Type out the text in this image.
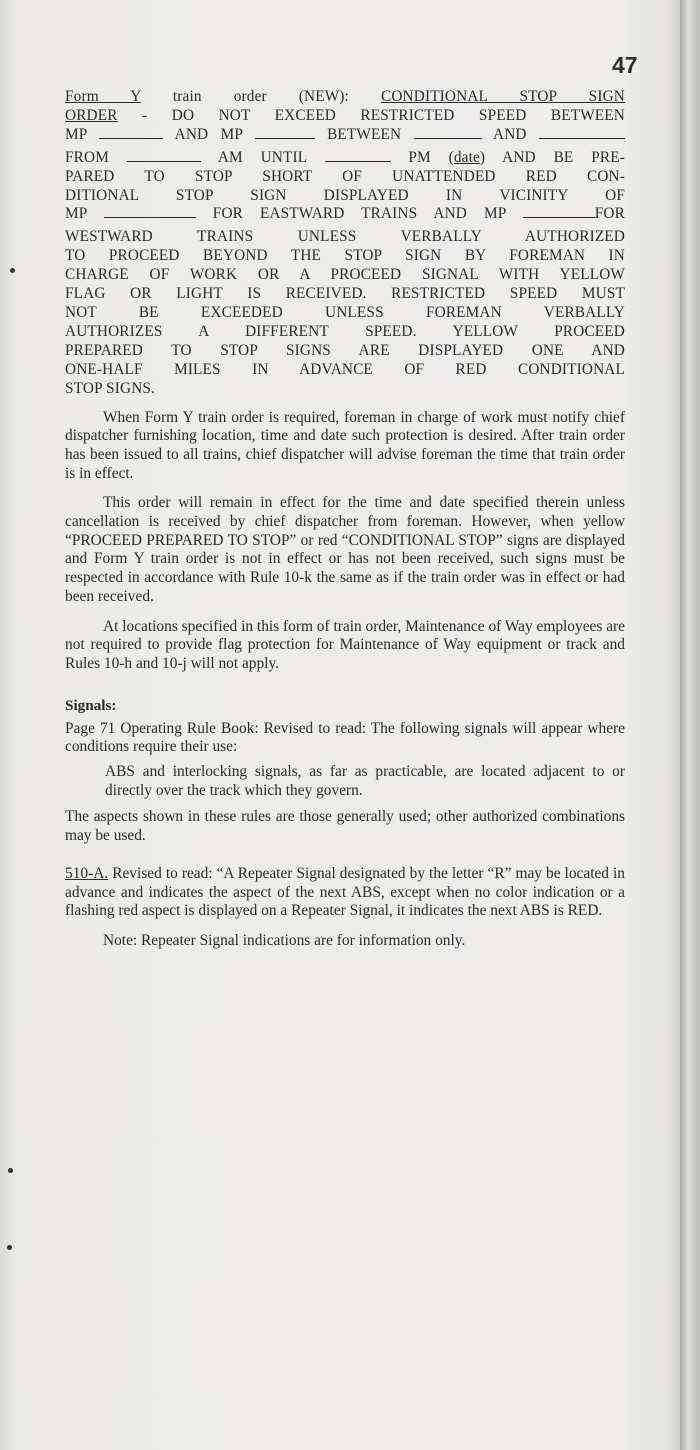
47
Form Y train order (NEW): CONDITIONAL STOP SIGN
ORDER - DO NOT EXCEED RESTRICTED SPEED BETWEEN
MP	AND MP	BETWEEN	AND
FROM	AM UNTIL	PM (date) AND BE PRE-
PARED TO STOP SHORT OF UNATTENDED RED CON-
DITIONAL STOP SIGN DISPLAYED IN VICINITY OF
MP	FOR EASTWARD TRAINS AND MP	FOR
WESTWARD TRAINS UNLESS VERBALLY AUTHORIZED
TO PROCEED BEYOND THE STOP SIGN BY FOREMAN IN
CHARGE OF WORK OR A PROCEED SIGNAL WITH YELLOW
FLAG OR LIGHT IS RECEIVED. RESTRICTED SPEED MUST
NOT BE EXCEEDED UNLESS FOREMAN VERBALLY
AUTHORIZES A DIFFERENT SPEED. YELLOW PROCEED
PREPARED TO STOP SIGNS ARE DISPLAYED ONE AND
ONE-HALF MILES IN ADVANCE OF RED CONDITIONAL
STOP SIGNS.

When Form Y train order is required, foreman in charge of work must notify chief dispatcher furnishing location, time and date such protection is desired. After train order has been issued to all trains, chief dispatcher will advise foreman the time that train order is in effect.

This order will remain in effect for the time and date specified therein unless cancellation is received by chief dispatcher from foreman. However, when yellow “PROCEED PREPARED TO STOP” or red “CONDITIONAL STOP” signs are displayed and Form Y train order is not in effect or has not been received, such signs must be respected in accordance with Rule 10-k the same as if the train order was in effect or had been received.

At locations specified in this form of train order, Maintenance of Way employees are not required to provide flag protection for Maintenance of Way equipment or track and Rules 10-h and 10-j will not apply.

Signals:

Page 71 Operating Rule Book: Revised to read: The following signals will appear where conditions require their use:

ABS and interlocking signals, as far as practicable, are located adjacent to or directly over the track which they govern.

The aspects shown in these rules are those generally used; other authorized combinations may be used.

510-A. Revised to read: “A Repeater Signal designated by the letter “R” may be located in advance and indicates the aspect of the next ABS, except when no color indication or a flashing red aspect is displayed on a Repeater Signal, it indicates the next ABS is RED.

Note: Repeater Signal indications are for information only.
